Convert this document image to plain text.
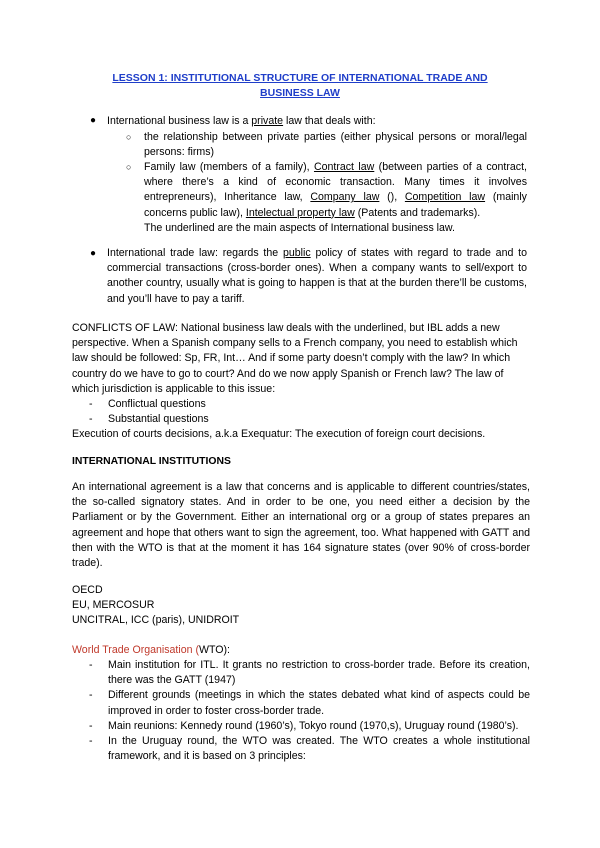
LESSON 1: INSTITUTIONAL STRUCTURE OF INTERNATIONAL TRADE AND
BUSINESS LAW
● International business law is a private law that deals with:
○ the relationship between private parties (either physical persons or moral/legal persons: firms)
○ Family law (members of a family), Contract law (between parties of a contract, where there’s a kind of economic transaction. Many times it involves entrepreneurs), Inheritance law, Company law (), Competition law (mainly concerns public law), Intelectual property law (Patents and trademarks).
The underlined are the main aspects of International business law.
● International trade law: regards the public policy of states with regard to trade and to commercial transactions (cross-border ones). When a company wants to sell/export to another country, usually what is going to happen is that at the burden there’ll be customs, and you’ll have to pay a tariff.
CONFLICTS OF LAW: National business law deals with the underlined, but IBL adds a new perspective. When a Spanish company sells to a French company, you need to establish which law should be followed: Sp, FR, Int… And if some party doesn’t comply with the law? In which country do we have to go to court? And do we now apply Spanish or French law? The law of which jurisdiction is applicable to this issue:
- Conflictual questions
- Substantial questions
Execution of courts decisions, a.k.a Exequatur: The execution of foreign court decisions.
INTERNATIONAL INSTITUTIONS
An international agreement is a law that concerns and is applicable to different countries/states, the so-called signatory states. And in order to be one, you need either a decision by the Parliament or by the Government. Either an international org or a group of states prepares an agreement and hope that others want to sign the agreement, too. What happened with GATT and then with the WTO is that at the moment it has 164 signature states (over 90% of cross-border trade).
OECD
EU, MERCOSUR
UNCITRAL, ICC (paris), UNIDROIT
World Trade Organisation (WTO):
- Main institution for ITL. It grants no restriction to cross-border trade. Before its creation, there was the GATT (1947)
- Different grounds (meetings in which the states debated what kind of aspects could be improved in order to foster cross-border trade.
- Main reunions: Kennedy round (1960’s), Tokyo round (1970,s), Uruguay round (1980’s).
- In the Uruguay round, the WTO was created. The WTO creates a whole institutional framework, and it is based on 3 principles:
